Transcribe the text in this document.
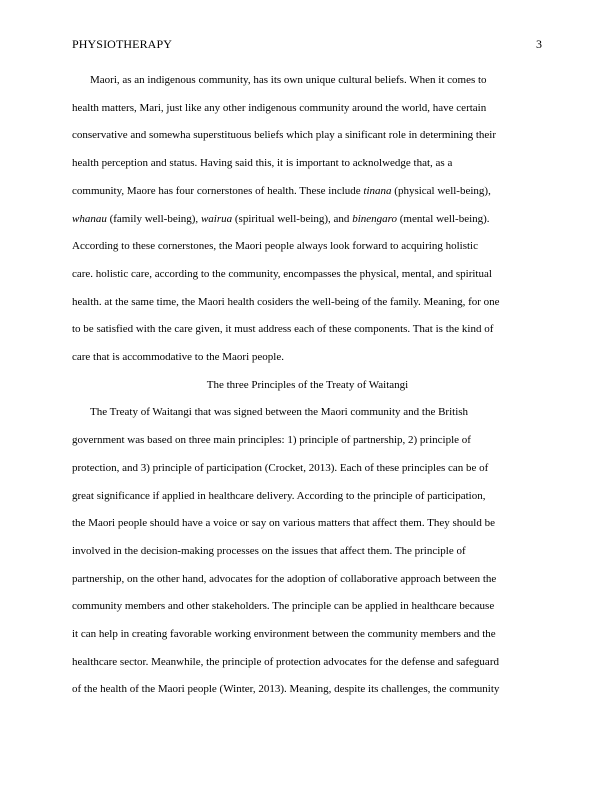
PHYSIOTHERAPY	3
Maori, as an indigenous community, has its own unique cultural beliefs. When it comes to
health matters, Mari, just like any other indigenous community around the world, have certain
conservative and somewha superstituous beliefs which play a sinificant role in determining their
health perception and status. Having said this, it is important to acknolwedge that, as a
community, Maore has four cornerstones of health. These include tinana (physical well-being),
whanau (family well-being), wairua (spiritual well-being), and binengaro (mental well-being).
According to these cornerstones, the Maori people always look forward to acquiring holistic
care. holistic care, according to the community, encompasses the physical, mental, and spiritual
health. at the same time, the Maori health cosiders the well-being of the family. Meaning, for one
to be satisfied with the care given, it must address each of these components. That is the kind of
care that is accommodative to the Maori people.
The three Principles of the Treaty of Waitangi
The Treaty of Waitangi that was signed between the Maori community and the British
government was based on three main principles: 1) principle of partnership, 2) principle of
protection, and 3) principle of participation (Crocket, 2013). Each of these principles can be of
great significance if applied in healthcare delivery. According to the principle of participation,
the Maori people should have a voice or say on various matters that affect them. They should be
involved in the decision-making processes on the issues that affect them. The principle of
partnership, on the other hand, advocates for the adoption of collaborative approach between the
community members and other stakeholders. The principle can be applied in healthcare because
it can help in creating favorable working environment between the community members and the
healthcare sector. Meanwhile, the principle of protection advocates for the defense and safeguard
of the health of the Maori people (Winter, 2013). Meaning, despite its challenges, the community
